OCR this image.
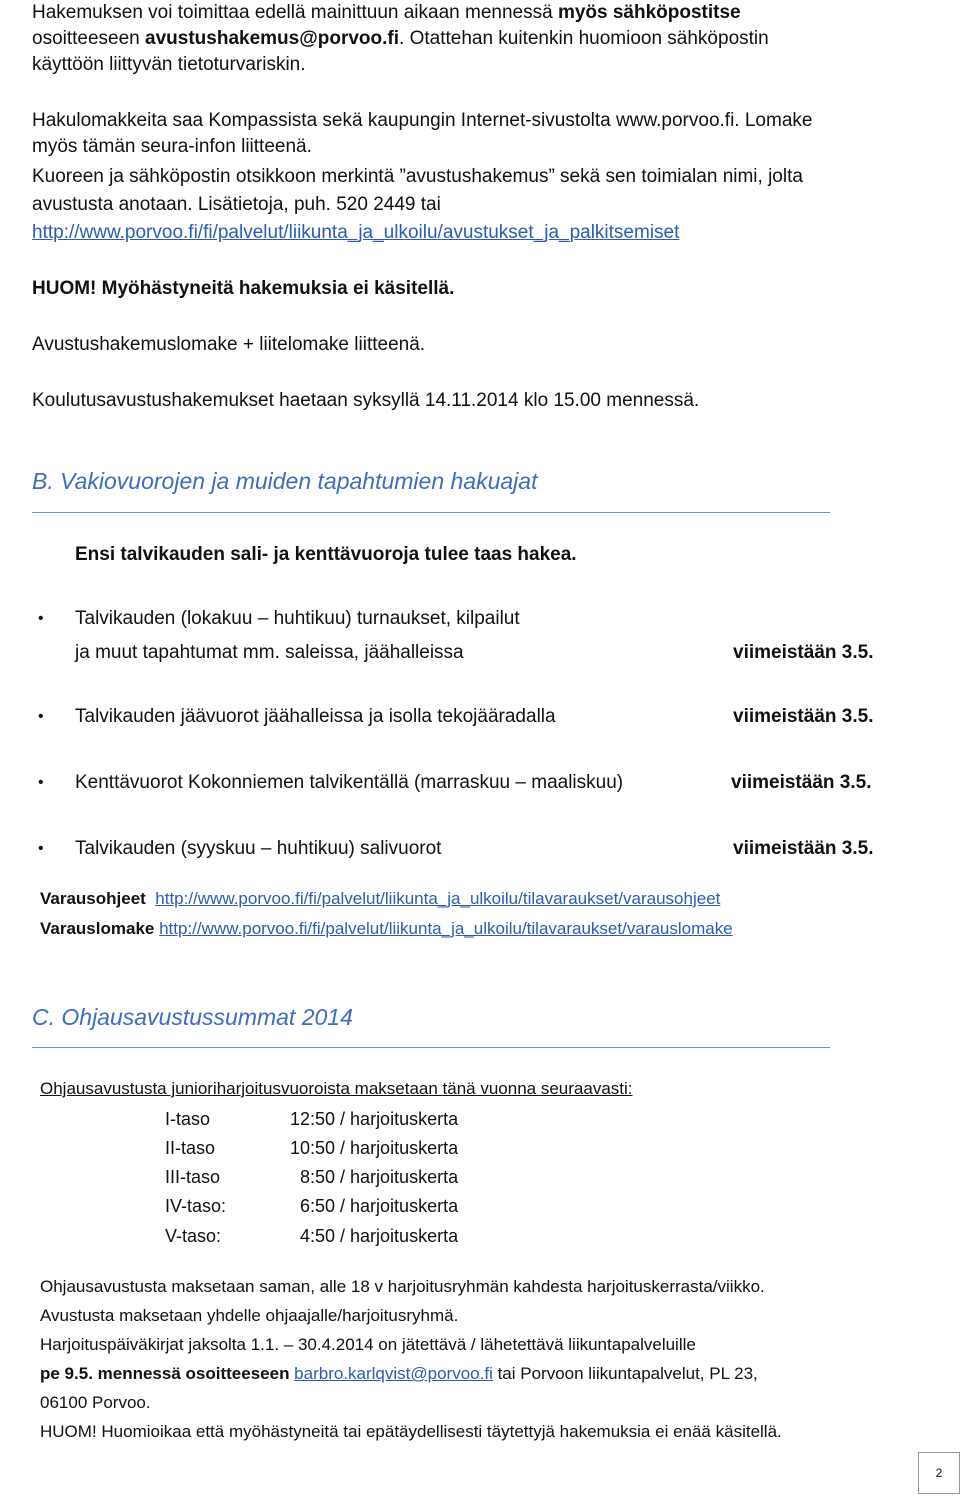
Hakemuksen voi toimittaa edellä mainittuun aikaan mennessä myös sähköpostitse
osoitteeseen avustushakemus@porvoo.fi. Otattehan kuitenkin huomioon sähköpostin
käyttöön liittyvän tietoturvariskin.
Hakulomakkeita saa Kompassista sekä kaupungin Internet-sivustolta www.porvoo.fi. Lomake
myös tämän seura-infon liitteenä.
Kuoreen ja sähköpostin otsikkoon merkintä ”avustushakemus” sekä sen toimialan nimi, jolta
avustusta anotaan. Lisätietoja, puh. 520 2449 tai
http://www.porvoo.fi/fi/palvelut/liikunta_ja_ulkoilu/avustukset_ja_palkitsemiset
HUOM! Myöhästyneitä hakemuksia ei käsitellä.
Avustushakemuslomake + liitelomake liitteenä.
Koulutusavustushakemukset haetaan syksyllä 14.11.2014 klo 15.00 mennessä.
B. Vakiovuorojen ja muiden tapahtumien hakuajat
Ensi talvikauden sali- ja kenttävuoroja tulee taas hakea.
• Talvikauden (lokakuu – huhtikuu) turnaukset, kilpailut
ja muut tapahtumat mm. saleissa, jäähalleissa	viimeistään 3.5.
• Talvikauden jäävuorot jäähalleissa ja isolla tekojääradalla	viimeistään 3.5.
• Kenttävuorot Kokonniemen talvikentällä (marraskuu – maaliskuu)	viimeistään 3.5.
• Talvikauden (syyskuu – huhtikuu) salivuorot	viimeistään 3.5.
Varausohjeet http://www.porvoo.fi/fi/palvelut/liikunta_ja_ulkoilu/tilavaraukset/varausohjeet
Varauslomake http://www.porvoo.fi/fi/palvelut/liikunta_ja_ulkoilu/tilavaraukset/varauslomake
C. Ohjausavustussummat 2014
Ohjausavustusta junioriharjoitusvuoroista maksetaan tänä vuonna seuraavasti:
I-taso	12:50 / harjoituskerta
II-taso	10:50 / harjoituskerta
III-taso	8:50 / harjoituskerta
IV-taso:	6:50 / harjoituskerta
V-taso:	4:50 / harjoituskerta
Ohjausavustusta maksetaan saman, alle 18 v harjoitusryhmän kahdesta harjoituskerrasta/viikko.
Avustusta maksetaan yhdelle ohjaajalle/harjoitusryhmä.
Harjoituspäiväkirjat jaksolta 1.1. – 30.4.2014 on jätettävä / lähetettävä liikuntapalveluille
pe 9.5. mennessä osoitteeseen barbro.karlqvist@porvoo.fi tai Porvoon liikuntapalvelut, PL 23,
06100 Porvoo.
HUOM! Huomioikaa että myöhästyneitä tai epätäydellisesti täytettyjä hakemuksia ei enää käsitellä.
2
